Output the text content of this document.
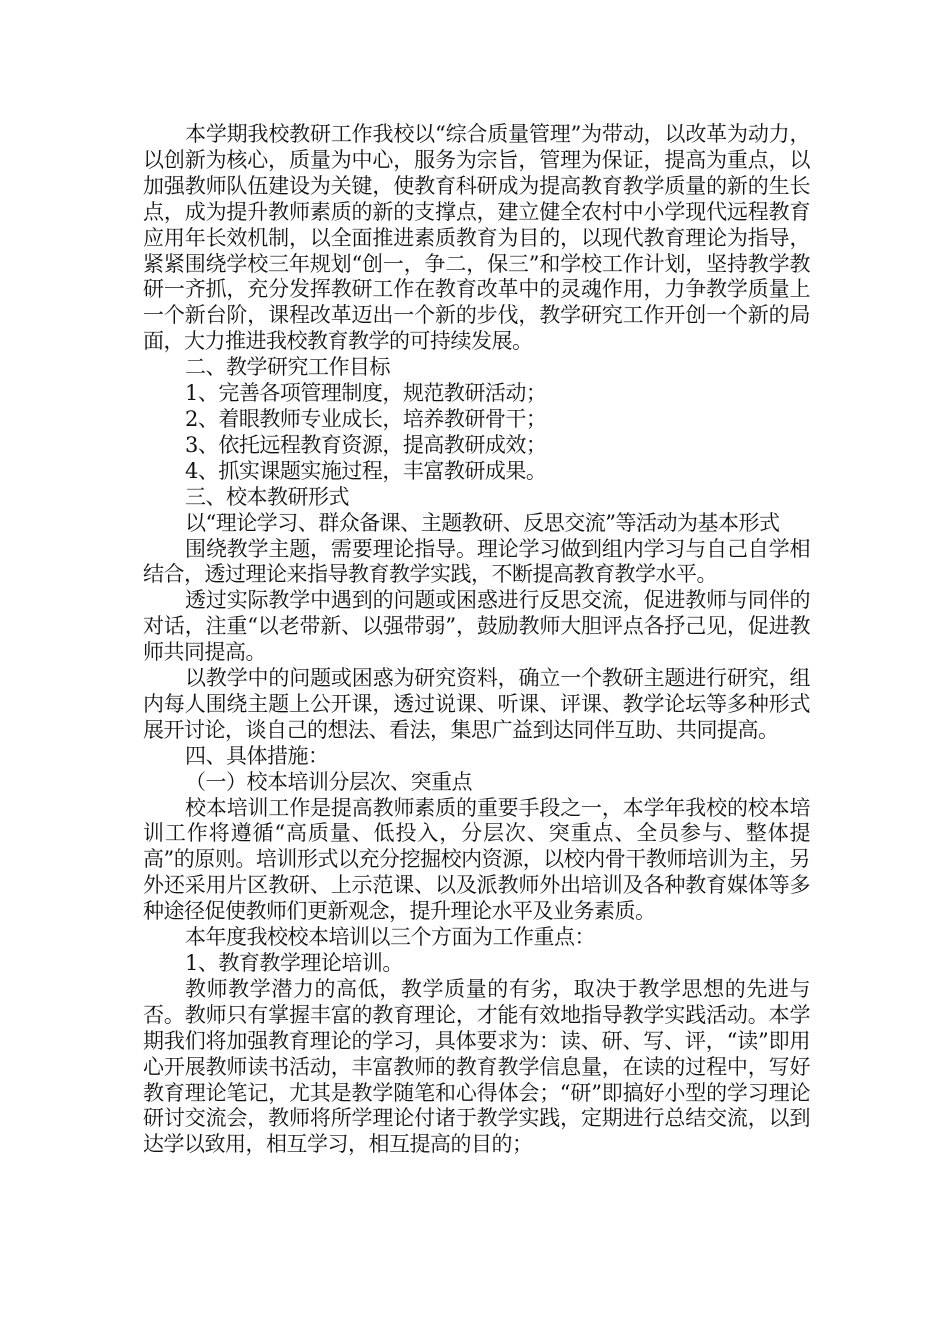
本学期我校教研工作我校以“综合质量管理”为带动，以改革为动力，以创新为核心，质量为中心，服务为宗旨，管理为保证，提高为重点，以加强教师队伍建设为关键，使教育科研成为提高教育教学质量的新的生长点，成为提升教师素质的新的支撑点，建立健全农村中小学现代远程教育应用年长效机制，以全面推进素质教育为目的，以现代教育理论为指导，紧紧围绕学校三年规划“创一，争二，保三”和学校工作计划，坚持教学教研一齐抓，充分发挥教研工作在教育改革中的灵魂作用，力争教学质量上一个新台阶，课程改革迈出一个新的步伐，教学研究工作开创一个新的局面，大力推进我校教育教学的可持续发展。

二、教学研究工作目标

1、完善各项管理制度，规范教研活动；

2、着眼教师专业成长，培养教研骨干；

3、依托远程教育资源，提高教研成效；

4、抓实课题实施过程，丰富教研成果。

三、校本教研形式

以“理论学习、群众备课、主题教研、反思交流”等活动为基本形式

围绕教学主题，需要理论指导。理论学习做到组内学习与自己自学相结合，透过理论来指导教育教学实践，不断提高教育教学水平。

透过实际教学中遇到的问题或困惑进行反思交流，促进教师与同伴的对话，注重“以老带新、以强带弱”，鼓励教师大胆评点各抒己见，促进教师共同提高。

以教学中的问题或困惑为研究资料，确立一个教研主题进行研究，组内每人围绕主题上公开课，透过说课、听课、评课、教学论坛等多种形式展开讨论，谈自己的想法、看法，集思广益到达同伴互助、共同提高。

四、具体措施：

（一）校本培训分层次、突重点

校本培训工作是提高教师素质的重要手段之一，本学年我校的校本培训工作将遵循“高质量、低投入，分层次、突重点、全员参与、整体提高”的原则。培训形式以充分挖掘校内资源，以校内骨干教师培训为主，另外还采用片区教研、上示范课、以及派教师外出培训及各种教育媒体等多种途径促使教师们更新观念，提升理论水平及业务素质。

本年度我校校本培训以三个方面为工作重点：

1、教育教学理论培训。

教师教学潜力的高低，教学质量的有劣，取决于教学思想的先进与否。教师只有掌握丰富的教育理论，才能有效地指导教学实践活动。本学期我们将加强教育理论的学习，具体要求为：读、研、写、评，“读”即用心开展教师读书活动，丰富教师的教育教学信息量，在读的过程中，写好教育理论笔记，尤其是教学随笔和心得体会；“研”即搞好小型的学习理论研讨交流会，教师将所学理论付诸于教学实践，定期进行总结交流，以到达学以致用，相互学习，相互提高的目的；
